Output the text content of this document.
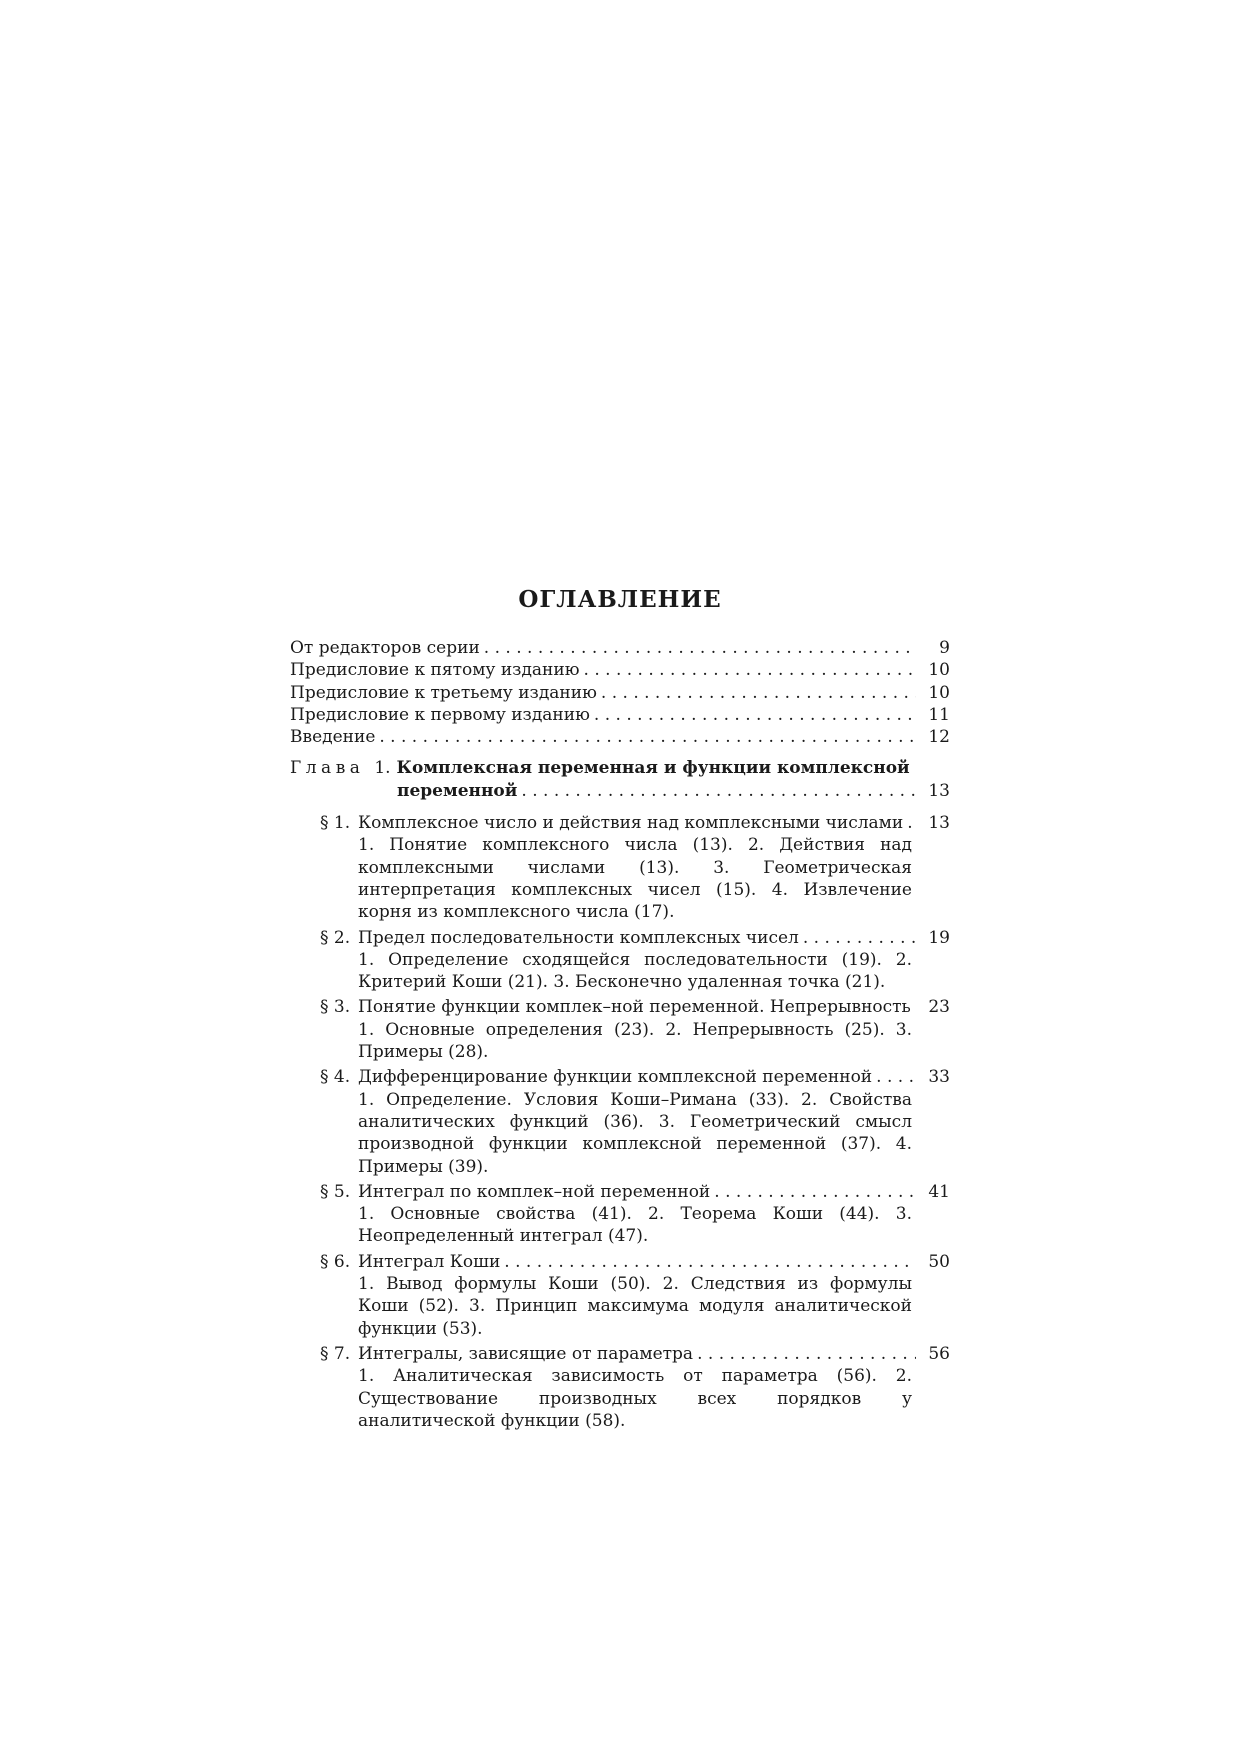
ОГЛАВЛЕНИЕ
От редакторов серии . . .	9
Предисловие к пятому изданию . . .	10
Предисловие к третьему изданию . . .	10
Предисловие к первому изданию . . .	11
Введение . . .	12
Глава 1. Комплексная переменная и функции комплексной
переменной . . .	13
§ 1. Комплексное число и действия над комплексными числами . . .	13
1. Понятие комплексного числа (13). 2. Действия над комплексными числами (13). 3. Геометрическая интерпретация комплексных чисел (15). 4. Извлечение корня из комплексного числа (17).
§ 2. Предел последовательности комплексных чисел . . .	19
1. Определение сходящейся последовательности (19). 2. Критерий Коши (21). 3. Бесконечно удаленная точка (21).
§ 3. Понятие функции комплек–ной переменной. Непрерывность . . .	23
1. Основные определения (23). 2. Непрерывность (25). 3. Примеры (28).
§ 4. Дифференцирование функции комплексной переменной . . .	33
1. Определение. Условия Коши–Римана (33). 2. Свойства аналитических функций (36). 3. Геометрический смысл производной функции комплексной переменной (37). 4. Примеры (39).
§ 5. Интеграл по комплек–ной переменной . . .	41
1. Основные свойства (41). 2. Теорема Коши (44). 3. Неопределенный интеграл (47).
§ 6. Интеграл Коши . . .	50
1. Вывод формулы Коши (50). 2. Следствия из формулы Коши (52). 3. Принцип максимума модуля аналитической функции (53).
§ 7. Интегралы, зависящие от параметра . . .	56
1. Аналитическая зависимость от параметра (56). 2. Существование производных всех порядков у аналитической функции (58).
